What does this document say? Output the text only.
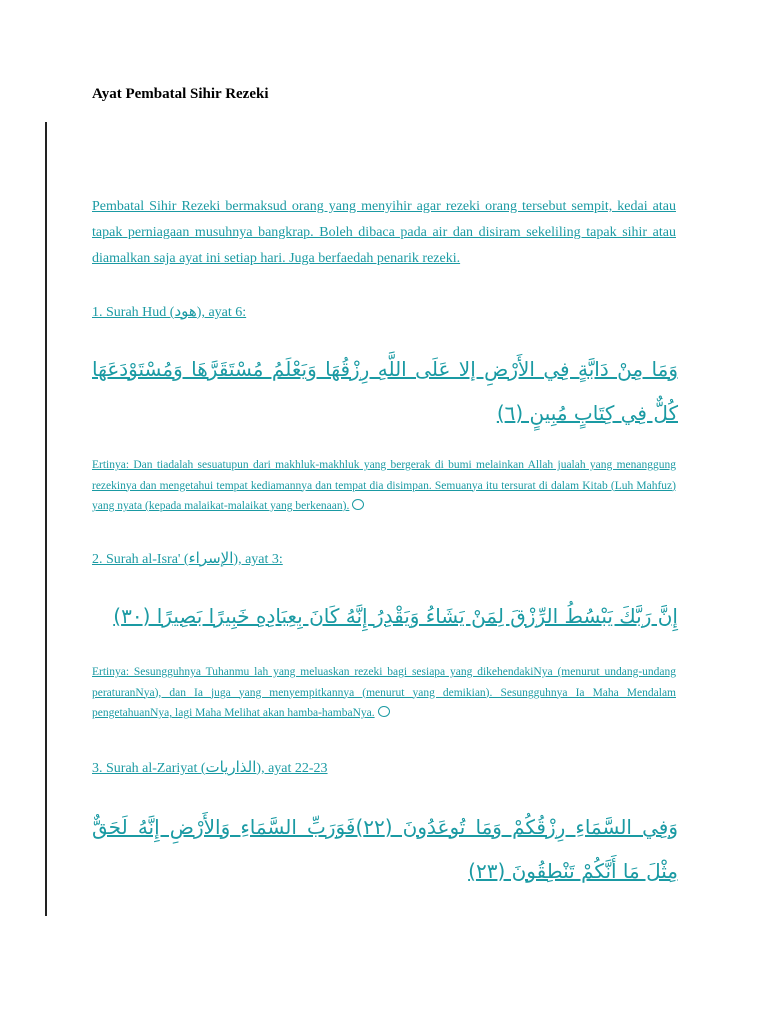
Ayat Pembatal Sihir Rezeki
Pembatal Sihir Rezeki bermaksud orang yang menyihir agar rezeki orang tersebut sempit, kedai atau tapak perniagaan musuhnya bangkrap. Boleh dibaca pada air dan disiram sekeliling tapak sihir atau diamalkan saja ayat ini setiap hari. Juga berfaedah penarik rezeki.
1. Surah Hud (هود), ayat 6:
وَمَا مِنْ دَابَّةٍ فِي الأَرْضِ إلا عَلَى اللَّهِ رِزْقُهَا وَيَعْلَمُ مُسْتَقَرَّهَا وَمُسْتَوْدَعَهَا كُلٌّ فِي كِتَابٍ مُبِينٍ (٦)
Ertinya: Dan tiadalah sesuatupun dari makhluk-makhluk yang bergerak di bumi melainkan Allah jualah yang menanggung rezekinya dan mengetahui tempat kediamannya dan tempat dia disimpan. Semuanya itu tersurat di dalam Kitab (Luh Mahfuz) yang nyata (kepada malaikat-malaikat yang berkenaan).
2. Surah al-Isra' (الإسراء), ayat 3:
إِنَّ رَبَّكَ يَبْسُطُ الرِّزْقَ لِمَنْ يَشَاءُ وَيَقْدِرُ إِنَّهُ كَانَ بِعِبَادِهِ خَبِيرًا بَصِيرًا (٣٠)
Ertinya: Sesungguhnya Tuhanmu lah yang meluaskan rezeki bagi sesiapa yang dikehendakiNya (menurut undang-undang peraturanNya), dan Ia juga yang menyempitkannya (menurut yang demikian). Sesungguhnya Ia Maha Mendalam pengetahuanNya, lagi Maha Melihat akan hamba-hambaNya.
3. Surah al-Zariyat (الذاريات), ayat 22-23
وَفِي السَّمَاءِ رِزْقُكُمْ وَمَا تُوعَدُونَ (٢٢)فَوَرَبِّ السَّمَاءِ وَالأَرْضِ إِنَّهُ لَحَقٌّ مِثْلَ مَا أَنَّكُمْ تَنْطِقُونَ (٢٣)
